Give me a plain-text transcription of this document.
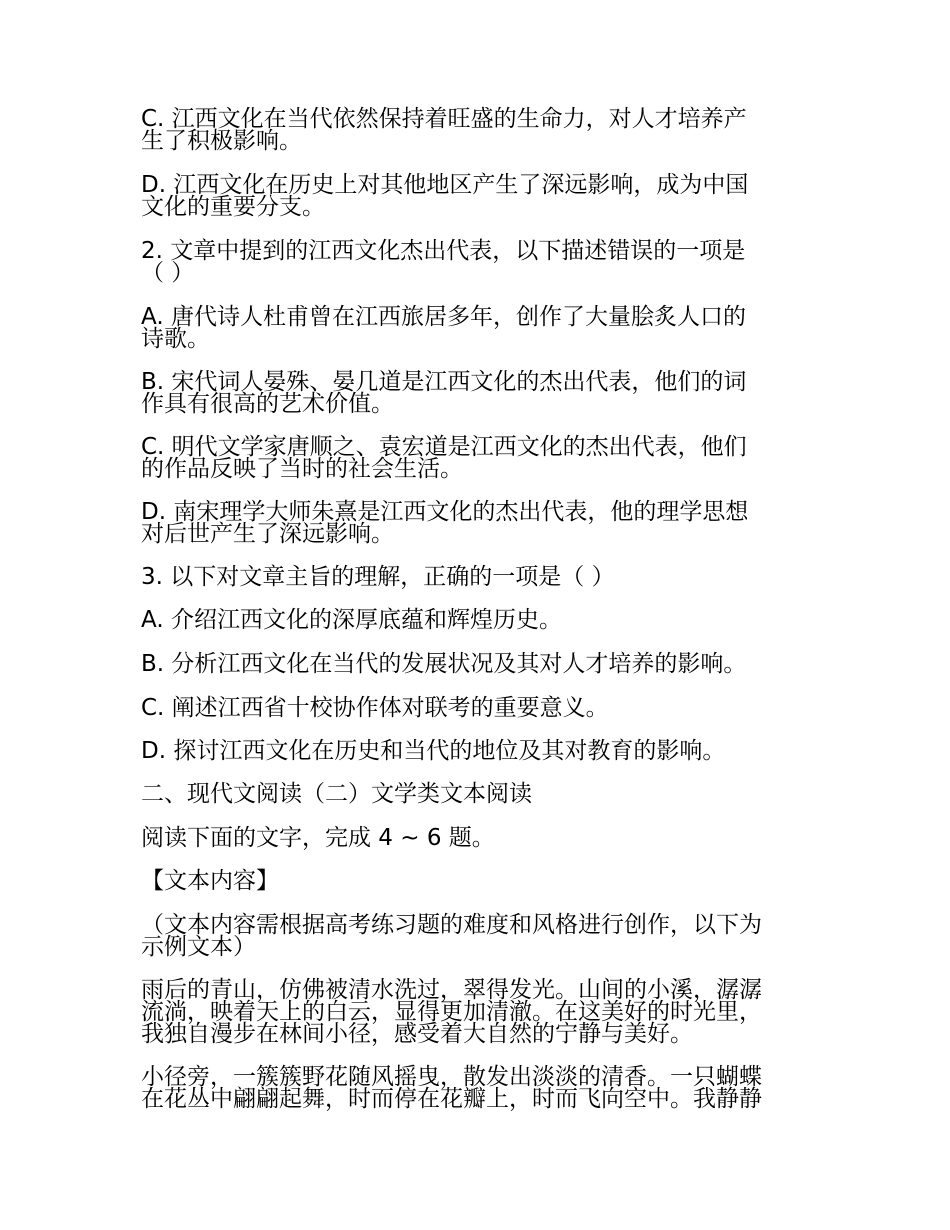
C. 江西文化在当代依然保持着旺盛的生命力，对人才培养产
生了积极影响。

D. 江西文化在历史上对其他地区产生了深远影响，成为中国
文化的重要分支。

2. 文章中提到的江西文化杰出代表，以下描述错误的一项是
（ ）

A. 唐代诗人杜甫曾在江西旅居多年，创作了大量脍炙人口的
诗歌。

B. 宋代词人晏殊、晏几道是江西文化的杰出代表，他们的词
作具有很高的艺术价值。

C. 明代文学家唐顺之、袁宏道是江西文化的杰出代表，他们
的作品反映了当时的社会生活。

D. 南宋理学大师朱熹是江西文化的杰出代表，他的理学思想
对后世产生了深远影响。

3. 以下对文章主旨的理解，正确的一项是（ ）

A. 介绍江西文化的深厚底蕴和辉煌历史。

B. 分析江西文化在当代的发展状况及其对人才培养的影响。

C. 阐述江西省十校协作体对联考的重要意义。

D. 探讨江西文化在历史和当代的地位及其对教育的影响。

二、现代文阅读（二）文学类文本阅读

阅读下面的文字，完成 4 ~ 6 题。

【文本内容】

（文本内容需根据高考练习题的难度和风格进行创作，以下为
示例文本）

雨后的青山，仿佛被清水洗过，翠得发光。山间的小溪，潺潺
流淌，映着天上的白云，显得更加清澈。在这美好的时光里，
我独自漫步在林间小径，感受着大自然的宁静与美好。

小径旁，一簇簇野花随风摇曳，散发出淡淡的清香。一只蝴蝶
在花丛中翩翩起舞，时而停在花瓣上，时而飞向空中。我静静
